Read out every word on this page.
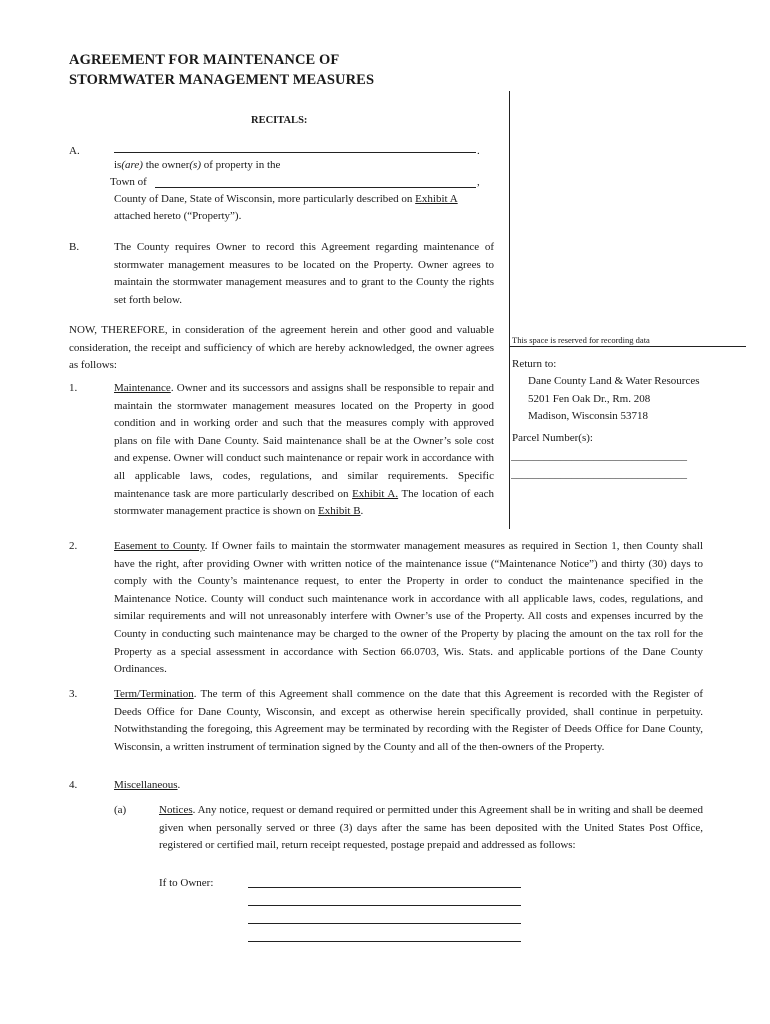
AGREEMENT FOR MAINTENANCE OF
STORMWATER MANAGEMENT MEASURES
RECITALS:
A.	.
is(are) the owner(s) of property in the
Town of	,
County of Dane, State of Wisconsin, more particularly described on Exhibit A
attached hereto (“Property”).
B.	The County requires Owner to record this Agreement regarding maintenance of stormwater management measures to be located on the Property. Owner agrees to maintain the stormwater management measures and to grant to the County the rights set forth below.
NOW, THEREFORE, in consideration of the agreement herein and other good and valuable consideration, the receipt and sufficiency of which are hereby acknowledged, the owner agrees as follows:
This space is reserved for recording data
Return to:
Dane County Land & Water Resources
5201 Fen Oak Dr., Rm. 208
Madison, Wisconsin 53718
Parcel Number(s):
________________________________
________________________________
1.	Maintenance. Owner and its successors and assigns shall be responsible to repair and maintain the stormwater management measures located on the Property in good condition and in working order and such that the measures comply with approved plans on file with Dane County. Said maintenance shall be at the Owner’s sole cost and expense. Owner will conduct such maintenance or repair work in accordance with all applicable laws, codes, regulations, and similar requirements. Specific maintenance task are more particularly described on Exhibit A. The location of each stormwater management practice is shown on Exhibit B.
2.	Easement to County. If Owner fails to maintain the stormwater management measures as required in Section 1, then County shall have the right, after providing Owner with written notice of the maintenance issue (“Maintenance Notice”) and thirty (30) days to comply with the County’s maintenance request, to enter the Property in order to conduct the maintenance specified in the Maintenance Notice. County will conduct such maintenance work in accordance with all applicable laws, codes, regulations, and similar requirements and will not unreasonably interfere with Owner’s use of the Property. All costs and expenses incurred by the County in conducting such maintenance may be charged to the owner of the Property by placing the amount on the tax roll for the Property as a special assessment in accordance with Section 66.0703, Wis. Stats. and applicable portions of the Dane County Ordinances.
3.	Term/Termination. The term of this Agreement shall commence on the date that this Agreement is recorded with the Register of Deeds Office for Dane County, Wisconsin, and except as otherwise herein specifically provided, shall continue in perpetuity. Notwithstanding the foregoing, this Agreement may be terminated by recording with the Register of Deeds Office for Dane County, Wisconsin, a written instrument of termination signed by the County and all of the then-owners of the Property.
4.	Miscellaneous.
(a)	Notices. Any notice, request or demand required or permitted under this Agreement shall be in writing and shall be deemed given when personally served or three (3) days after the same has been deposited with the United States Post Office, registered or certified mail, return receipt requested, postage prepaid and addressed as follows:
If to Owner:
